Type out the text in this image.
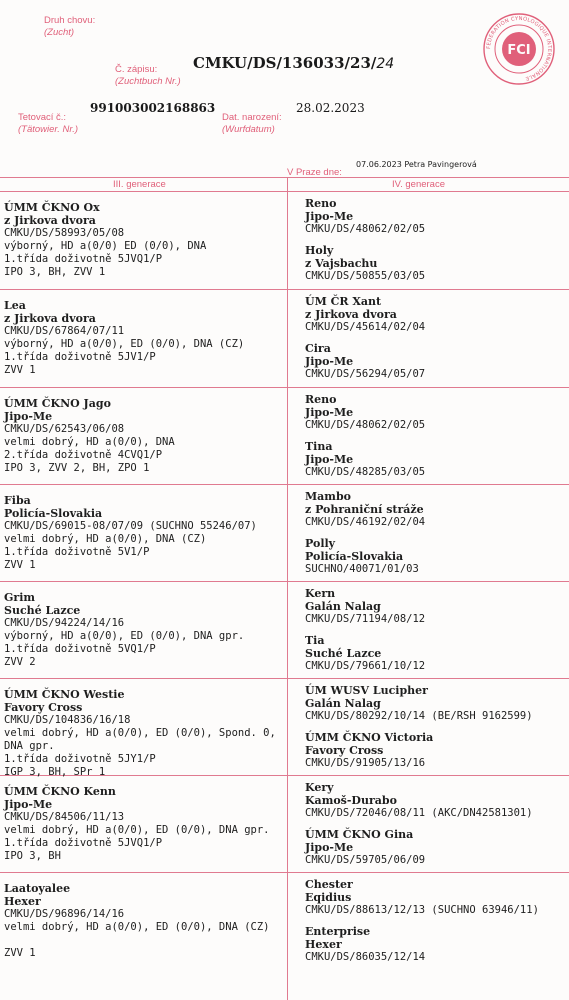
Druh chovu:
(Zucht)
Č. zápisu:
(Zuchtbuch Nr.)
CMKU/DS/136033/23/24
Tetovací č.:
(Tätowier. Nr.)
991003002168863
Dat. narození:
(Wurfdatum)
28.02.2023
FEDERATION CYNOLOGIQUE INTERNATIONALE
FCI
07.06.2023 Petra Pavingerová
V Praze dne:
III. generace	IV. generace
ÚMM ČKNO Ox
z Jirkova dvora
CMKU/DS/58993/05/08
výborný, HD a(0/0) ED (0/0), DNA
1.třída doživotně 5JVQ1/P
IPO 3, BH, ZVV 1
Reno
Jipo-Me
CMKU/DS/48062/02/05
Holy
z Vajsbachu
CMKU/DS/50855/03/05
Lea
z Jirkova dvora
CMKU/DS/67864/07/11
výborný, HD a(0/0), ED (0/0), DNA (CZ)
1.třída doživotně 5JV1/P
ZVV 1
ÚM ČR Xant
z Jirkova dvora
CMKU/DS/45614/02/04
Cira
Jipo-Me
CMKU/DS/56294/05/07
ÚMM ČKNO Jago
Jipo-Me
CMKU/DS/62543/06/08
velmi dobrý, HD a(0/0), DNA
2.třída doživotně 4CVQ1/P
IPO 3, ZVV 2, BH, ZPO 1
Reno
Jipo-Me
CMKU/DS/48062/02/05
Tina
Jipo-Me
CMKU/DS/48285/03/05
Fiba
Policía-Slovakia
CMKU/DS/69015-08/07/09 (SUCHNO 55246/07)
velmi dobrý, HD a(0/0), DNA (CZ)
1.třída doživotně 5V1/P
ZVV 1
Mambo
z Pohraniční stráže
CMKU/DS/46192/02/04
Polly
Policía-Slovakia
SUCHNO/40071/01/03
Grim
Suché Lazce
CMKU/DS/94224/14/16
výborný, HD a(0/0), ED (0/0), DNA gpr.
1.třída doživotně 5VQ1/P
ZVV 2
Kern
Galán Nalag
CMKU/DS/71194/08/12
Tia
Suché Lazce
CMKU/DS/79661/10/12
ÚMM ČKNO Westie
Favory Cross
CMKU/DS/104836/16/18
velmi dobrý, HD a(0/0), ED (0/0), Spond. 0,
DNA gpr.
1.třída doživotně 5JY1/P
IGP 3, BH, SPr 1
ÚM WUSV Lucipher
Galán Nalag
CMKU/DS/80292/10/14 (BE/RSH 9162599)
ÚMM ČKNO Victoria
Favory Cross
CMKU/DS/91905/13/16
ÚMM ČKNO Kenn
Jipo-Me
CMKU/DS/84506/11/13
velmi dobrý, HD a(0/0), ED (0/0), DNA gpr.
1.třída doživotně 5JVQ1/P
IPO 3, BH
Kery
Kamoš-Durabo
CMKU/DS/72046/08/11 (AKC/DN42581301)
ÚMM ČKNO Gina
Jipo-Me
CMKU/DS/59705/06/09
Laatoyalee
Hexer
CMKU/DS/96896/14/16
velmi dobrý, HD a(0/0), ED (0/0), DNA (CZ)

ZVV 1
Chester
Eqidius
CMKU/DS/88613/12/13 (SUCHNO 63946/11)
Enterprise
Hexer
CMKU/DS/86035/12/14
